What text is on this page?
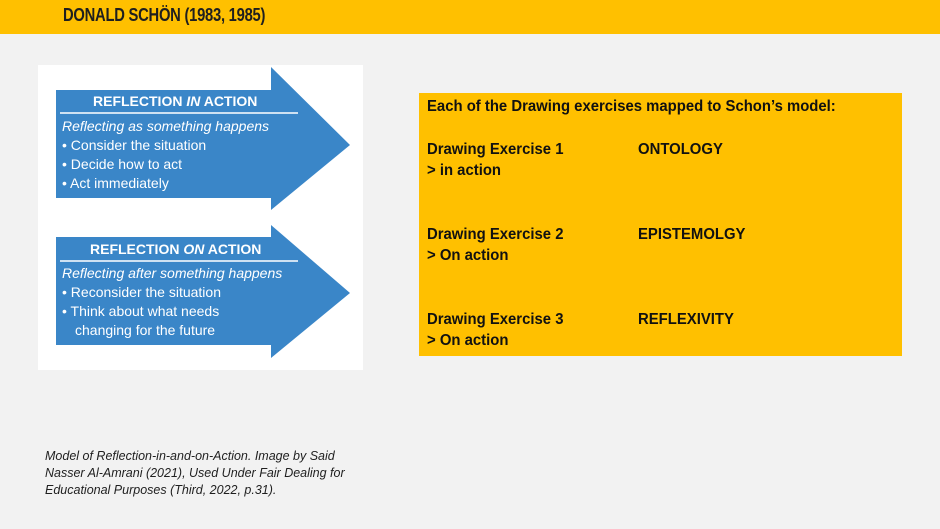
DONALD SCHÖN (1983, 1985)
REFLECTION IN ACTION
Reflecting as something happens
• Consider the situation
• Decide how to act
• Act immediately
REFLECTION ON ACTION
Reflecting after something happens
• Reconsider the situation
• Think about what needs
changing for the future
Model of Reflection-in-and-on-Action. Image by Said Nasser Al-Amrani (2021), Used Under Fair Dealing for Educational Purposes (Third, 2022, p.31).
Each of the Drawing exercises mapped to Schon’s model:
Drawing Exercise 1
> in action
ONTOLOGY
Drawing Exercise 2
> On action
EPISTEMOLGY
Drawing Exercise 3
> On action
REFLEXIVITY
